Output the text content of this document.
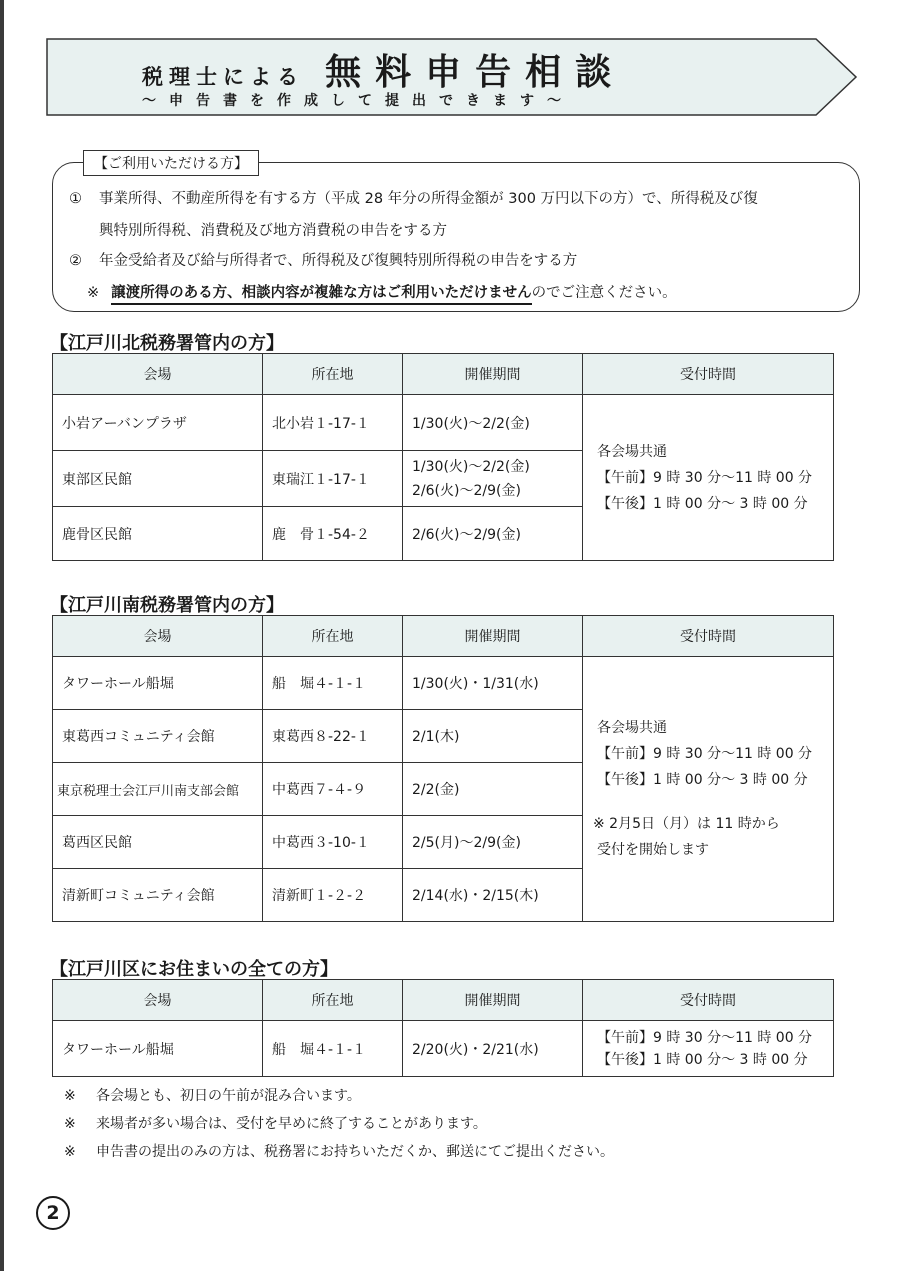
税理士による 無料申告相談
～申告書を作成して提出できます～
【ご利用いただける方】
① 事業所得、不動産所得を有する方（平成 28 年分の所得金額が 300 万円以下の方）で、所得税及び復
興特別所得税、消費税及び地方消費税の申告をする方
② 年金受給者及び給与所得者で、所得税及び復興特別所得税の申告をする方
※ 譲渡所得のある方、相談内容が複雑な方はご利用いただけませんのでご注意ください。
【江戸川北税務署管内の方】
会場	所在地	開催期間	受付時間
小岩アーバンプラザ	北小岩１-17-１	1/30(火)～2/2(金)	各会場共通
【午前】9 時 30 分～11 時 00 分
【午後】1 時 00 分～ 3 時 00 分

東部区民館	東瑞江１-17-１	1/30(火)～2/2(金)
2/6(火)～2/9(金)	

鹿骨区民館	鹿　骨１-54-２	2/6(火)～2/9(金)	
【江戸川南税務署管内の方】
会場	所在地	開催期間	受付時間
タワーホール船堀	船　堀４-１-１	1/30(火)・1/31(水)	各会場共通
【午前】9 時 30 分～11 時 00 分
【午後】1 時 00 分～ 3 時 00 分
※ 2月5日（月）は 11 時から
受付を開始します

東葛西コミュニティ会館	東葛西８-22-１	2/1(木)	

東京税理士会江戸川南支部会館	中葛西７-４-９	2/2(金)	

葛西区民館	中葛西３-10-１	2/5(月)～2/9(金)	

清新町コミュニティ会館	清新町１-２-２	2/14(水)・2/15(木)	
【江戸川区にお住まいの全ての方】
会場	所在地	開催期間	受付時間
タワーホール船堀	船　堀４-１-１	2/20(火)・2/21(水)	【午前】9 時 30 分～11 時 00 分
【午後】1 時 00 分～ 3 時 00 分
※ 各会場とも、初日の午前が混み合います。
※ 来場者が多い場合は、受付を早めに終了することがあります。
※ 申告書の提出のみの方は、税務署にお持ちいただくか、郵送にてご提出ください。
2
